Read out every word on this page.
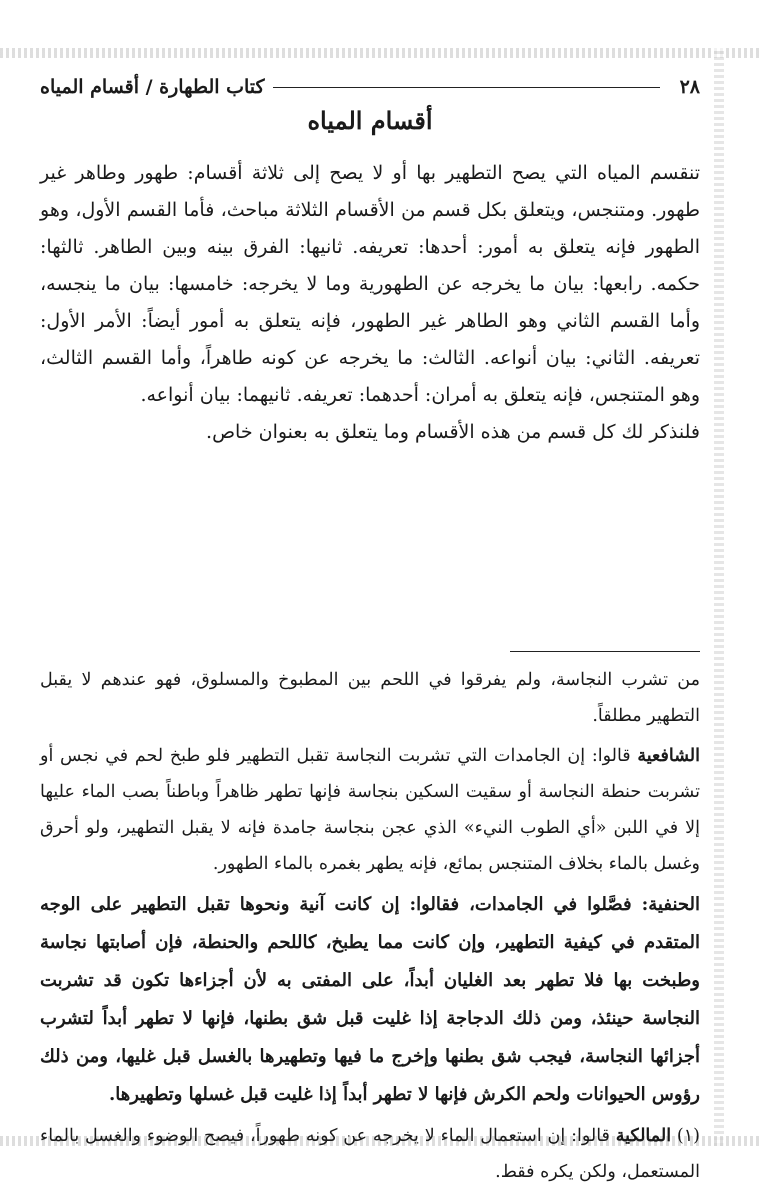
٢٨
كتاب الطهارة / أقسام المياه
أقسام المياه

تنقسم المياه التي يصح التطهير بها أو لا يصح إلى ثلاثة أقسام: طهور وطاهر غير طهور. ومتنجس، ويتعلق بكل قسم من الأقسام الثلاثة مباحث، فأما القسم الأول، وهو الطهور فإنه يتعلق به أمور: أحدها: تعريفه. ثانيها: الفرق بينه وبين الطاهر. ثالثها: حكمه. رابعها: بيان ما يخرجه عن الطهورية وما لا يخرجه: خامسها: بيان ما ينجسه، وأما القسم الثاني وهو الطاهر غير الطهور، فإنه يتعلق به أمور أيضاً: الأمر الأول: تعريفه. الثاني: بيان أنواعه. الثالث: ما يخرجه عن كونه طاهراً، وأما القسم الثالث، وهو المتنجس، فإنه يتعلق به أمران: أحدهما: تعريفه. ثانيهما: بيان أنواعه.

فلنذكر لك كل قسم من هذه الأقسام وما يتعلق به بعنوان خاص.

من تشرب النجاسة، ولم يفرقوا في اللحم بين المطبوخ والمسلوق، فهو عندهم لا يقبل التطهير مطلقاً.

الشافعية قالوا: إن الجامدات التي تشربت النجاسة تقبل التطهير فلو طبخ لحم في نجس أو تشربت حنطة النجاسة أو سقيت السكين بنجاسة فإنها تطهر ظاهراً وباطناً بصب الماء عليها إلا في اللبن «أي الطوب النيء» الذي عجن بنجاسة جامدة فإنه لا يقبل التطهير، ولو أحرق وغسل بالماء بخلاف المتنجس بمائع، فإنه يطهر بغمره بالماء الطهور.

الحنفية: فصَّلوا في الجامدات، فقالوا: إن كانت آنية ونحوها تقبل التطهير على الوجه المتقدم في كيفية التطهير، وإن كانت مما يطبخ، كاللحم والحنطة، فإن أصابتها نجاسة وطبخت بها فلا تطهر بعد الغليان أبداً، على المفتى به لأن أجزاءها تكون قد تشربت النجاسة حينئذ، ومن ذلك الدجاجة إذا غليت قبل شق بطنها، فإنها لا تطهر أبداً لتشرب أجزائها النجاسة، فيجب شق بطنها وإخرج ما فيها وتطهيرها بالغسل قبل غليها، ومن ذلك رؤوس الحيوانات ولحم الكرش فإنها لا تطهر أبداً إذا غليت قبل غسلها وتطهيرها.

(١) المالكية قالوا: إن استعمال الماء لا يخرجه عن كونه طهوراً، فيصح الوضوء والغسل بالماء المستعمل، ولكن يكره فقط.
